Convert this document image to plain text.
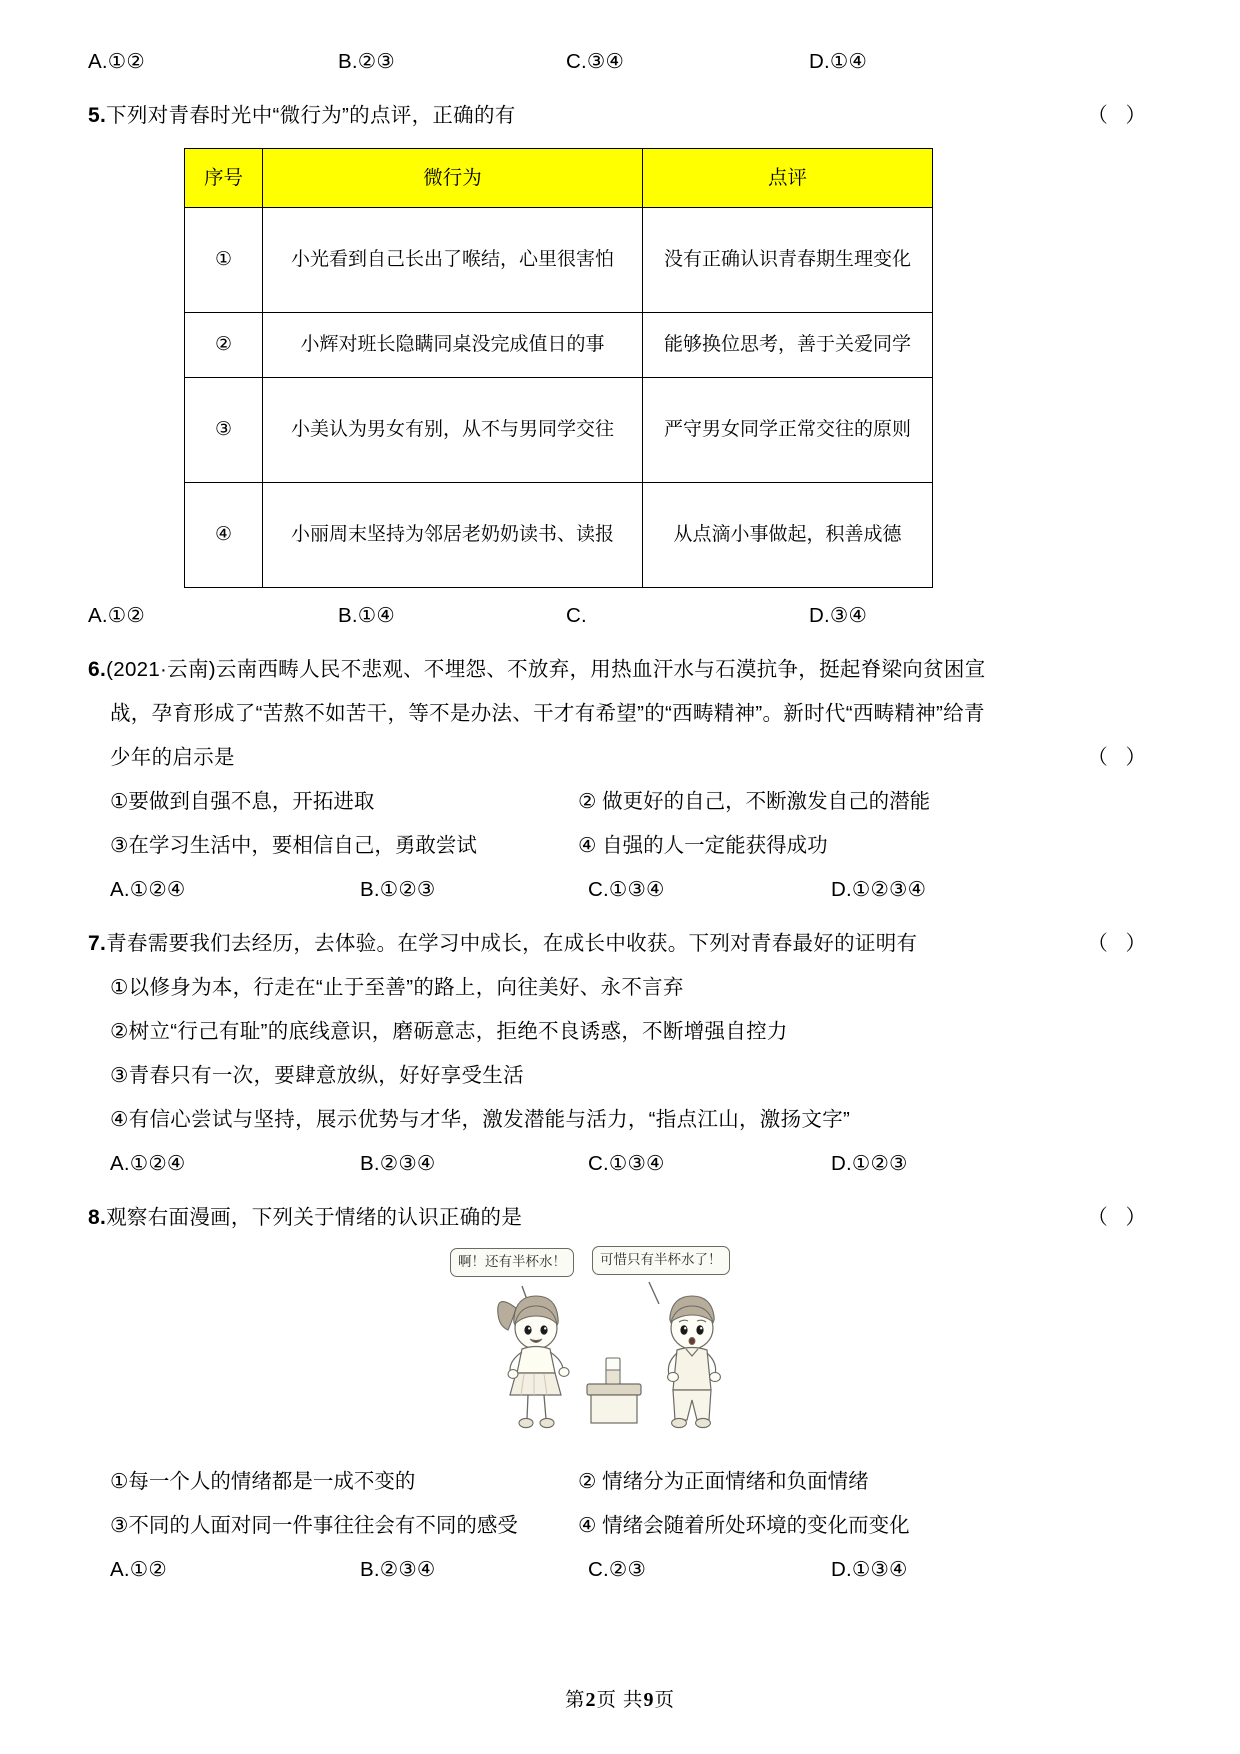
A.①②	B.②③	C.③④	D.①④
5.下列对青春时光中“微行为”的点评，正确的有	（ ）
序号	微行为	点评
①	小光看到自己长出了喉结，心里很害怕	没有正确认识青春期生理变化
②	小辉对班长隐瞒同桌没完成值日的事	能够换位思考，善于关爱同学
③	小美认为男女有别，从不与男同学交往	严守男女同学正常交往的原则
④	小丽周末坚持为邻居老奶奶读书、读报	从点滴小事做起，积善成德
A.①②	B.①④	C.	D.③④
6.(2021·云南)云南西畴人民不悲观、不埋怨、不放弃，用热血汗水与石漠抗争，挺起脊梁向贫困宣
战，孕育形成了“苦熬不如苦干，等不是办法、干才有希望”的“西畴精神”。新时代“西畴精神”给青
少年的启示是	（ ）
①要做到自强不息，开拓进取	② 做更好的自己，不断激发自己的潜能
③在学习生活中，要相信自己，勇敢尝试	④ 自强的人一定能获得成功
A.①②④	B.①②③	C.①③④	D.①②③④
7.青春需要我们去经历，去体验。在学习中成长，在成长中收获。下列对青春最好的证明有	（ ）
①以修身为本，行走在“止于至善”的路上，向往美好、永不言弃
②树立“行己有耻”的底线意识，磨砺意志，拒绝不良诱惑，不断增强自控力
③青春只有一次，要肆意放纵，好好享受生活
④有信心尝试与坚持，展示优势与才华，激发潜能与活力，“指点江山，激扬文字”
A.①②④	B.②③④	C.①③④	D.①②③
8.观察右面漫画，下列关于情绪的认识正确的是	（ ）
啊！还有半杯水！	可惜只有半杯水了！
①每一个人的情绪都是一成不变的	② 情绪分为正面情绪和负面情绪
③不同的人面对同一件事往往会有不同的感受	④ 情绪会随着所处环境的变化而变化
A.①②	B.②③④	C.②③	D.①③④
第2页 共9页
